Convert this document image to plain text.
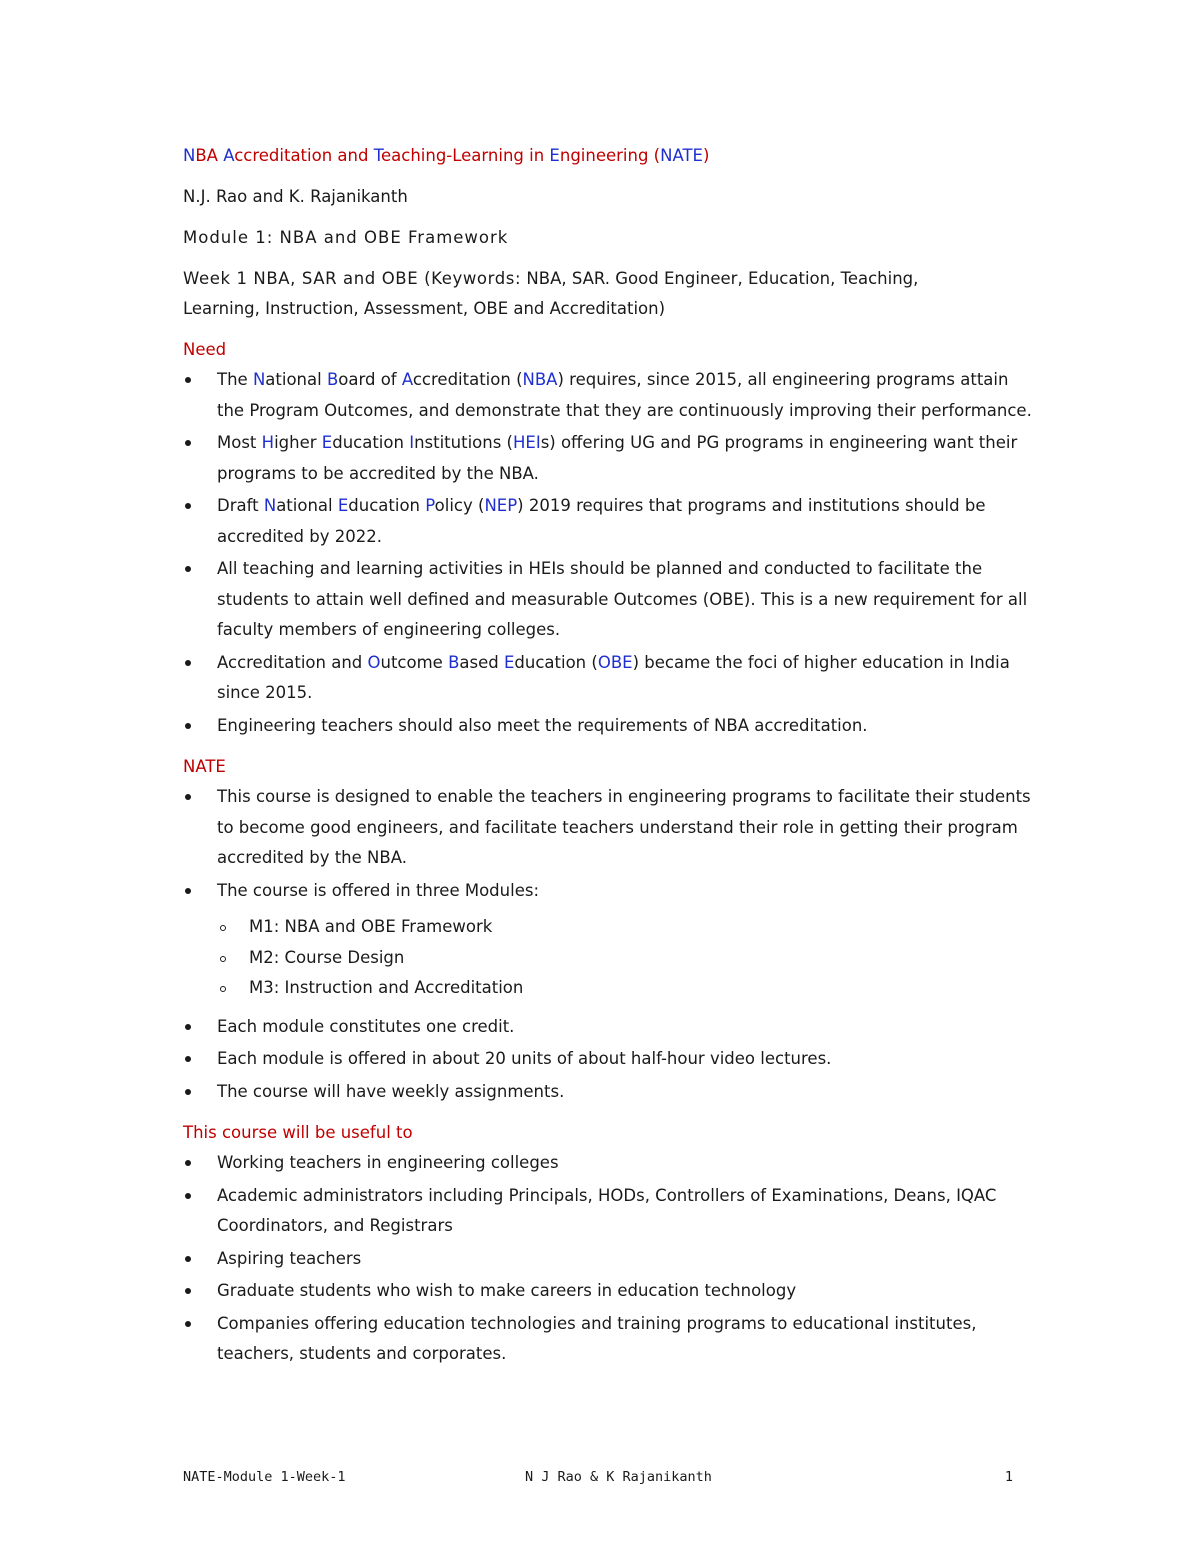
NBA Accreditation and Teaching-Learning in Engineering (NATE)

N.J. Rao and K. Rajanikanth

Module 1: NBA and OBE Framework

Week 1 NBA, SAR and OBE (Keywords: NBA, SAR. Good Engineer, Education, Teaching,
Learning, Instruction, Assessment, OBE and Accreditation)

Need

The National Board of Accreditation (NBA) requires, since 2015, all engineering programs attain the Program Outcomes, and demonstrate that they are continuously improving their performance.
Most Higher Education Institutions (HEIs) offering UG and PG programs in engineering want their programs to be accredited by the NBA.
Draft National Education Policy (NEP) 2019 requires that programs and institutions should be accredited by 2022.
All teaching and learning activities in HEIs should be planned and conducted to facilitate the students to attain well defined and measurable Outcomes (OBE). This is a new requirement for all faculty members of engineering colleges.
Accreditation and Outcome Based Education (OBE) became the foci of higher education in India since 2015.
Engineering teachers should also meet the requirements of NBA accreditation.

NATE

This course is designed to enable the teachers in engineering programs to facilitate their students to become good engineers, and facilitate teachers understand their role in getting their program accredited by the NBA.
The course is offered in three Modules:
M1: NBA and OBE Framework
M2: Course Design
M3: Instruction and Accreditation
Each module constitutes one credit.
Each module is offered in about 20 units of about half-hour video lectures.
The course will have weekly assignments.

This course will be useful to

Working teachers in engineering colleges
Academic administrators including Principals, HODs, Controllers of Examinations, Deans, IQAC Coordinators, and Registrars
Aspiring teachers
Graduate students who wish to make careers in education technology
Companies offering education technologies and training programs to educational institutes, teachers, students and corporates.
NATE-Module 1-Week-1	N J Rao & K Rajanikanth	1
